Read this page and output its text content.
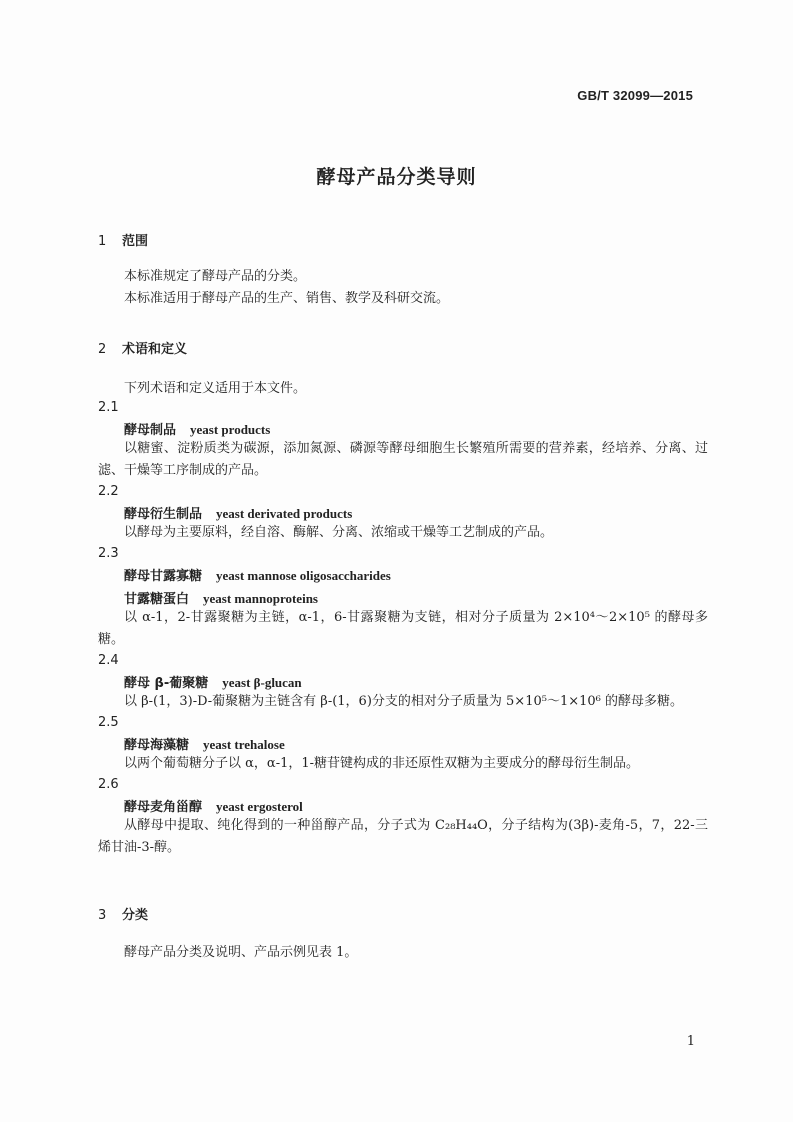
GB/T 32099—2015
酵母产品分类导则
1 范围
本标准规定了酵母产品的分类。
本标准适用于酵母产品的生产、销售、教学及科研交流。
2 术语和定义
下列术语和定义适用于本文件。
2.1
酵母制品 yeast products
以糖蜜、淀粉质类为碳源，添加氮源、磷源等酵母细胞生长繁殖所需要的营养素，经培养、分离、过滤、干燥等工序制成的产品。
2.2
酵母衍生制品 yeast derivated products
以酵母为主要原料，经自溶、酶解、分离、浓缩或干燥等工艺制成的产品。
2.3
酵母甘露寡糖 yeast mannose oligosaccharides
甘露糖蛋白 yeast mannoproteins
以 α-1，2-甘露聚糖为主链，α-1，6-甘露聚糖为支链，相对分子质量为 2×10⁴～2×10⁵ 的酵母多糖。
2.4
酵母 β-葡聚糖 yeast β-glucan
以 β-(1，3)-D-葡聚糖为主链含有 β-(1，6)分支的相对分子质量为 5×10⁵～1×10⁶ 的酵母多糖。
2.5
酵母海藻糖 yeast trehalose
以两个葡萄糖分子以 α，α-1，1-糖苷键构成的非还原性双糖为主要成分的酵母衍生制品。
2.6
酵母麦角甾醇 yeast ergosterol
从酵母中提取、纯化得到的一种甾醇产品，分子式为 C₂₈H₄₄O，分子结构为(3β)-麦角-5，7，22-三烯甘油-3-醇。
3 分类
酵母产品分类及说明、产品示例见表 1。
1
